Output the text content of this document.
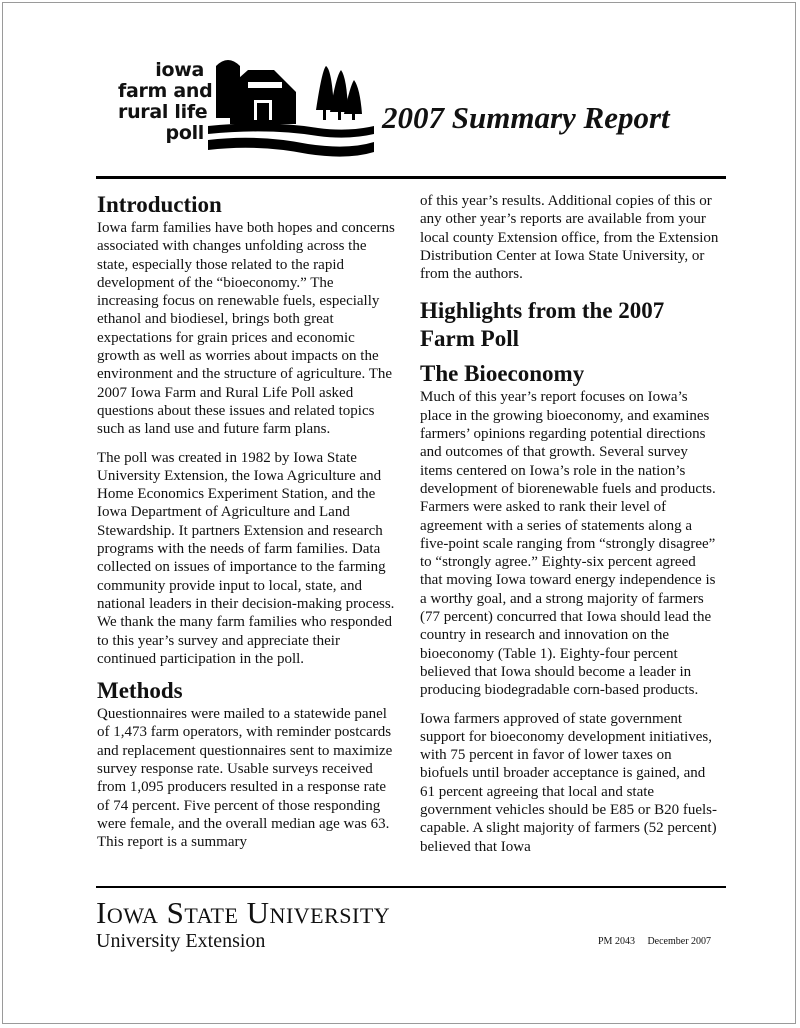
iowa
farm and
rural life
poll	2007 Summary Report
Introduction

Iowa farm families have both hopes and concerns associated with changes unfolding across the state, especially those related to the rapid development of the “bioeconomy.” The increasing focus on renewable fuels, especially ethanol and biodiesel, brings both great expectations for grain prices and economic growth as well as worries about impacts on the environment and the structure of agriculture. The 2007 Iowa Farm and Rural Life Poll asked questions about these issues and related topics such as land use and future farm plans.

The poll was created in 1982 by Iowa State University Extension, the Iowa Agriculture and Home Economics Experiment Station, and the Iowa Department of Agriculture and Land Stewardship. It partners Extension and research programs with the needs of farm families. Data collected on issues of importance to the farming community provide input to local, state, and national leaders in their decision-making process. We thank the many farm families who responded to this year’s survey and appreciate their continued participation in the poll.

Methods

Questionnaires were mailed to a statewide panel of 1,473 farm operators, with reminder postcards and replacement questionnaires sent to maximize survey response rate. Usable surveys received from 1,095 producers resulted in a response rate of 74 percent. Five percent of those responding were female, and the overall median age was 63. This report is a summary

of this year’s results. Additional copies of this or any other year’s reports are available from your local county Extension office, from the Extension Distribution Center at Iowa State University, or from the authors.

Highlights from the 2007 Farm Poll
The Bioeconomy

Much of this year’s report focuses on Iowa’s place in the growing bioeconomy, and examines farmers’ opinions regarding potential directions and outcomes of that growth. Several survey items centered on Iowa’s role in the nation’s development of biorenewable fuels and products. Farmers were asked to rank their level of agreement with a series of statements along a five-point scale ranging from “strongly disagree” to “strongly agree.” Eighty-six percent agreed that moving Iowa toward energy independence is a worthy goal, and a strong majority of farmers (77 percent) concurred that Iowa should lead the country in research and innovation on the bioeconomy (Table 1). Eighty-four percent believed that Iowa should become a leader in producing biodegradable corn-based products.

Iowa farmers approved of state government support for bioeconomy development initiatives, with 75 percent in favor of lower taxes on biofuels until broader acceptance is gained, and 61 percent agreeing that local and state government vehicles should be E85 or B20 fuels-capable. A slight majority of farmers (52 percent) believed that Iowa

Iowa State University
University Extension	PM 2043 December 2007
